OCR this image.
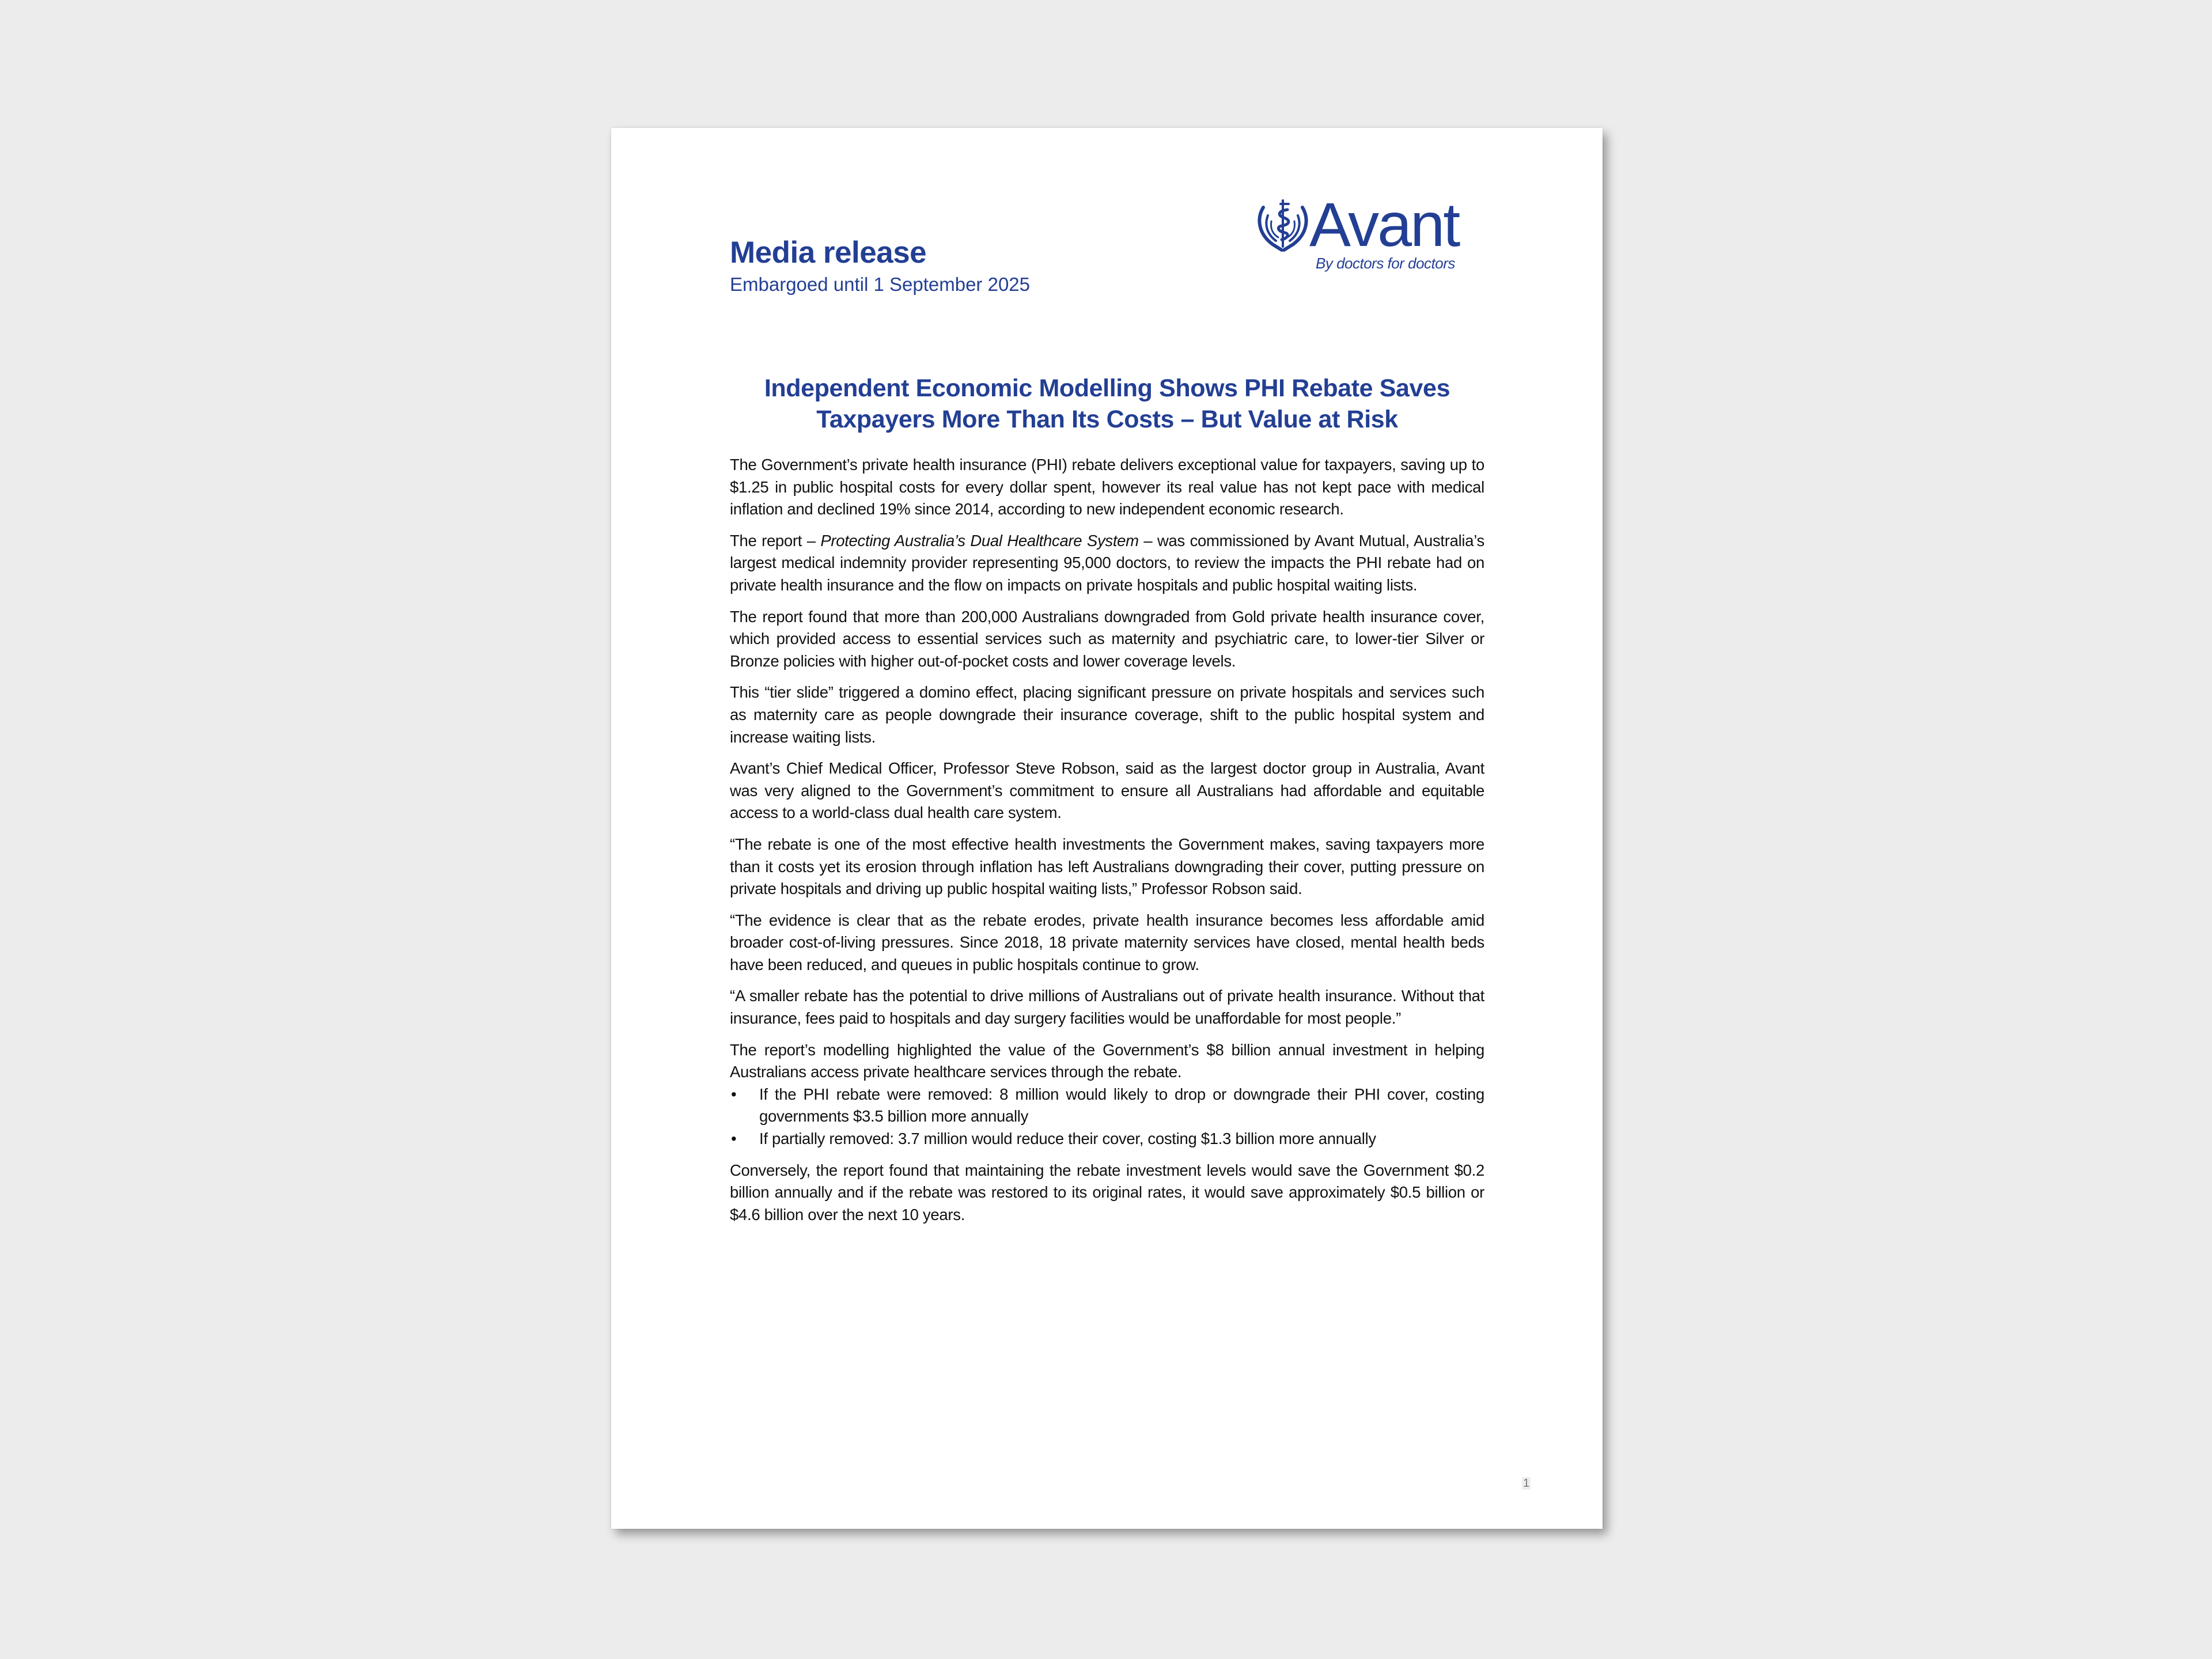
Media release
Embargoed until 1 September 2025
Avant
By doctors for doctors
Independent Economic Modelling Shows PHI Rebate Saves
Taxpayers More Than Its Costs – But Value at Risk

The Government’s private health insurance (PHI) rebate delivers exceptional value for taxpayers, saving up to $1.25 in public hospital costs for every dollar spent, however its real value has not kept pace with medical inflation and declined 19% since 2014, according to new independent economic research.

The report – Protecting Australia’s Dual Healthcare System – was commissioned by Avant Mutual, Australia’s largest medical indemnity provider representing 95,000 doctors, to review the impacts the PHI rebate had on private health insurance and the flow on impacts on private hospitals and public hospital waiting lists.

The report found that more than 200,000 Australians downgraded from Gold private health insurance cover, which provided access to essential services such as maternity and psychiatric care, to lower-tier Silver or Bronze policies with higher out-of-pocket costs and lower coverage levels.

This “tier slide” triggered a domino effect, placing significant pressure on private hospitals and services such as maternity care as people downgrade their insurance coverage, shift to the public hospital system and increase waiting lists.

Avant’s Chief Medical Officer, Professor Steve Robson, said as the largest doctor group in Australia, Avant was very aligned to the Government’s commitment to ensure all Australians had affordable and equitable access to a world-class dual health care system.

“The rebate is one of the most effective health investments the Government makes, saving taxpayers more than it costs yet its erosion through inflation has left Australians downgrading their cover, putting pressure on private hospitals and driving up public hospital waiting lists,” Professor Robson said.

“The evidence is clear that as the rebate erodes, private health insurance becomes less affordable amid broader cost-of-living pressures. Since 2018, 18 private maternity services have closed, mental health beds have been reduced, and queues in public hospitals continue to grow.

“A smaller rebate has the potential to drive millions of Australians out of private health insurance. Without that insurance, fees paid to hospitals and day surgery facilities would be unaffordable for most people.”

The report’s modelling highlighted the value of the Government’s $8 billion annual investment in helping Australians access private healthcare services through the rebate.

• If the PHI rebate were removed: 8 million would likely to drop or downgrade their PHI cover, costing governments $3.5 billion more annually
• If partially removed: 3.7 million would reduce their cover, costing $1.3 billion more annually

Conversely, the report found that maintaining the rebate investment levels would save the Government $0.2 billion annually and if the rebate was restored to its original rates, it would save approximately $0.5 billion or $4.6 billion over the next 10 years.

1
